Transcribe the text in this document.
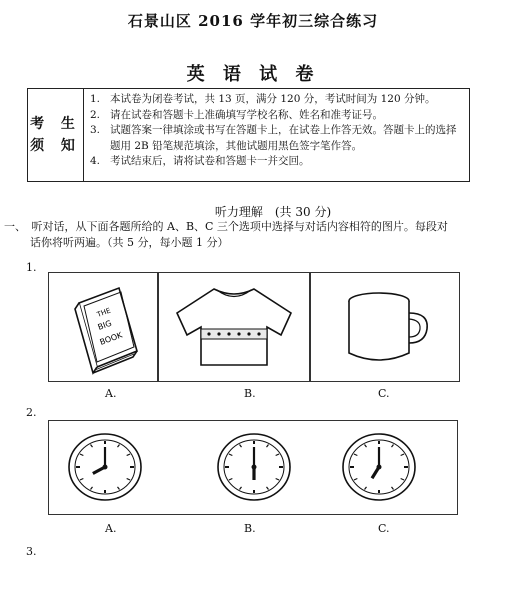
石景山区 2016 学年初三综合练习
英 语 试 卷
考 生
须 知
1. 本试卷为闭卷考试，共 13 页，满分 120 分，考试时间为 120 分钟。
2. 请在试卷和答题卡上准确填写学校名称、姓名和准考证号。
3. 试题答案一律填涂或书写在答题卡上，在试卷上作答无效。答题卡上的选择题用 2B 铅笔规范填涂，其他试题用黑色签字笔作答。
4. 考试结束后，请将试卷和答题卡一并交回。
听力理解　(共 30 分)
一、  听对话，从下面各题所给的 A、B、C 三个选项中选择与对话内容相符的图片。每段对
话你将听两遍。（共 5 分，每小题 1 分）
1.
THE
BIG
BOOK
A.	B.	C.
2.
A.	B.	C.
3.
